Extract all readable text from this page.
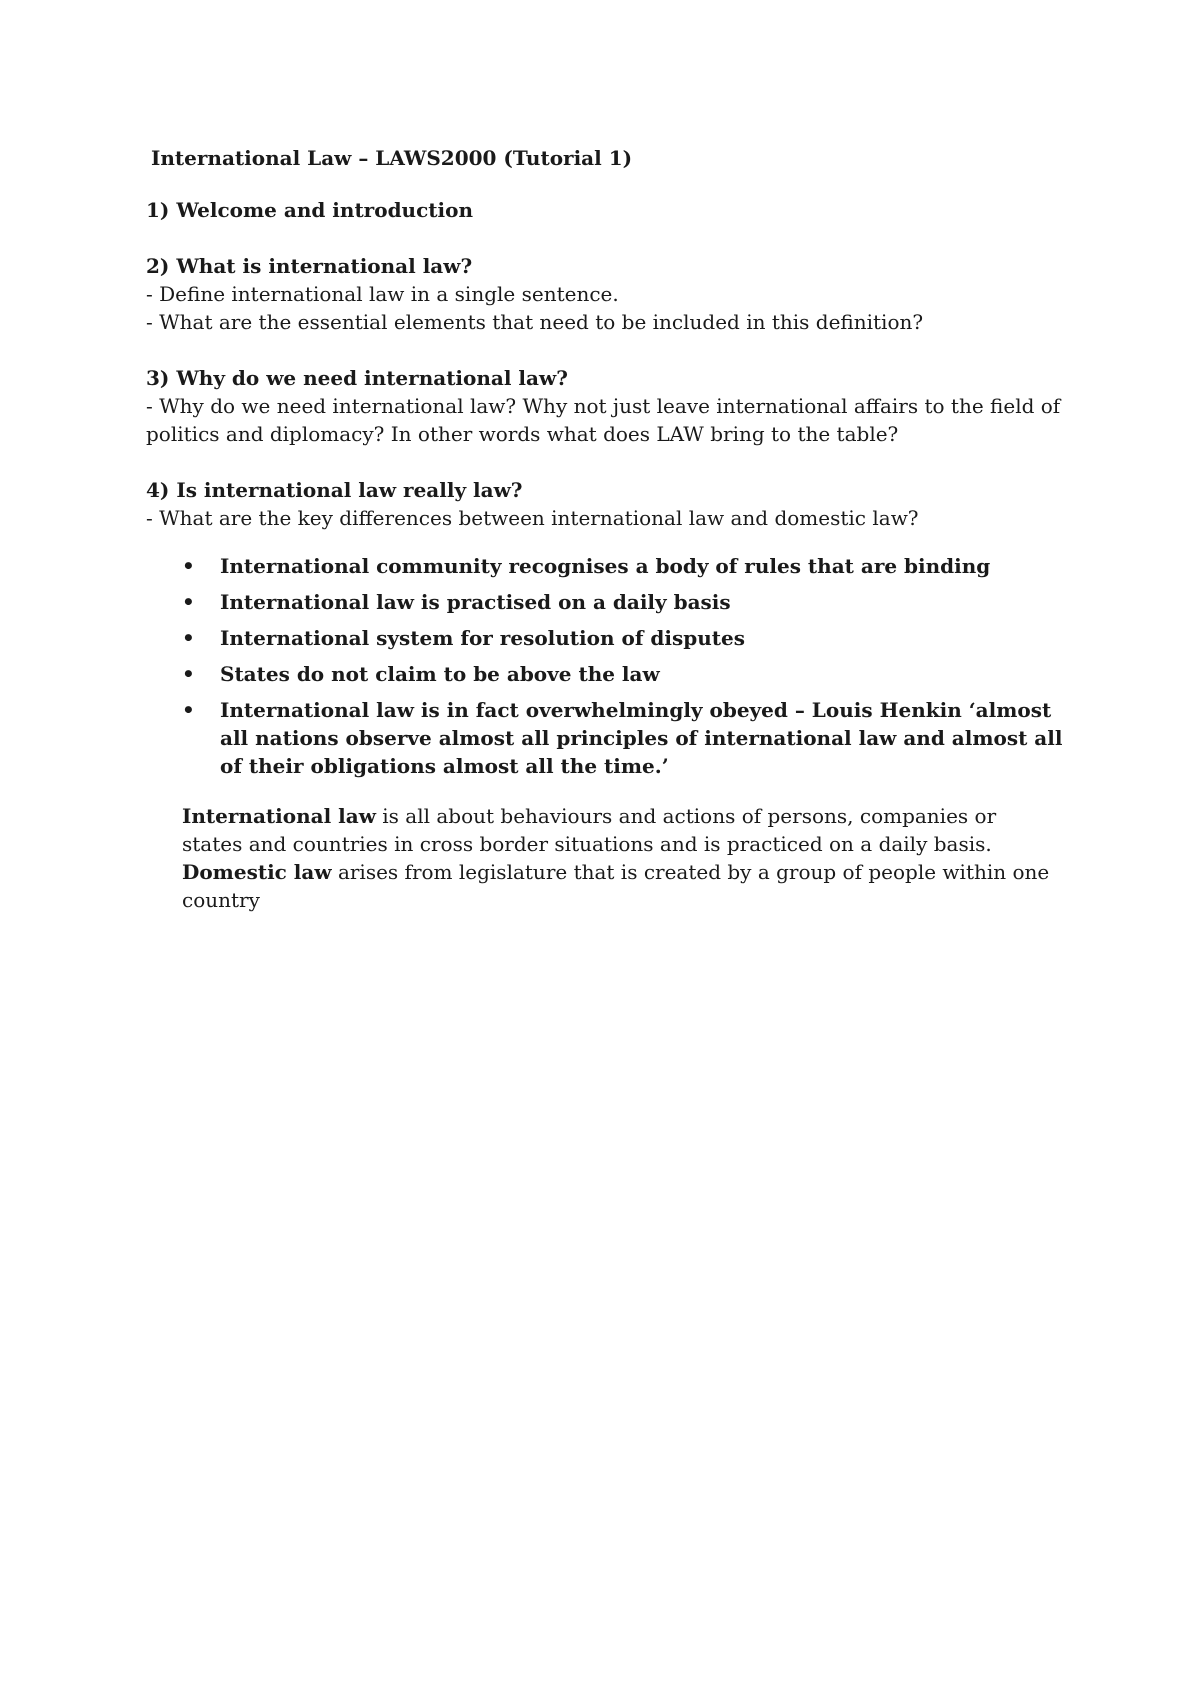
International Law – LAWS2000 (Tutorial 1)
1) Welcome and introduction
2) What is international law?
- Define international law in a single sentence.
- What are the essential elements that need to be included in this definition?
3) Why do we need international law?
- Why do we need international law? Why not just leave international affairs to the field of politics and diplomacy? In other words what does LAW bring to the table?
4) Is international law really law?
- What are the key differences between international law and domestic law?
• International community recognises a body of rules that are binding
• International law is practised on a daily basis
• International system for resolution of disputes
• States do not claim to be above the law
• International law is in fact overwhelmingly obeyed – Louis Henkin ‘almost all nations observe almost all principles of international law and almost all of their obligations almost all the time.’
International law is all about behaviours and actions of persons, companies or states and countries in cross border situations and is practiced on a daily basis. Domestic law arises from legislature that is created by a group of people within one country
